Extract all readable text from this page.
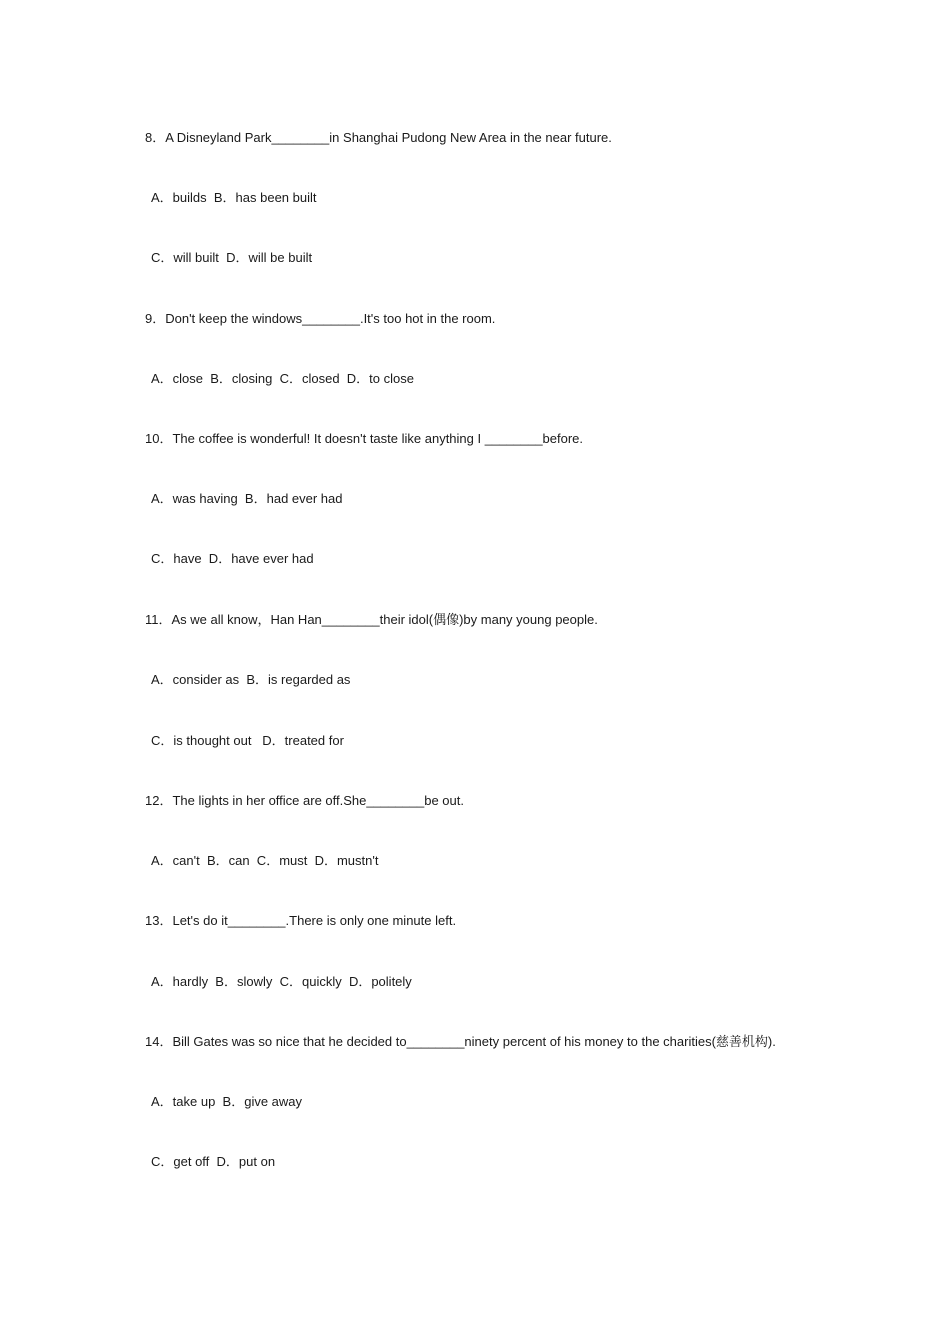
8．A Disneyland Park________in Shanghai Pudong New Area in the near future.
A．builds  B．has been built
C．will built  D．will be built
9．Don't keep the windows________.It's too hot in the room.
A．close  B．closing  C．closed  D．to close
10．The coffee is wonderful! It doesn't taste like anything I ________before.
A．was having  B．had ever had
C．have  D．have ever had
11．As we all know，Han Han________their idol(偶像)by many young people.
A．consider as  B．is regarded as
C．is thought out   D．treated for
12．The lights in her office are off.She________be out.
A．can't  B．can  C．must  D．mustn't
13．Let's do it________.There is only one minute left.
A．hardly  B．slowly  C．quickly  D．politely
14．Bill Gates was so nice that he decided to________ninety percent of his money to the charities(慈善机构).
A．take up  B．give away
C．get off  D．put on
